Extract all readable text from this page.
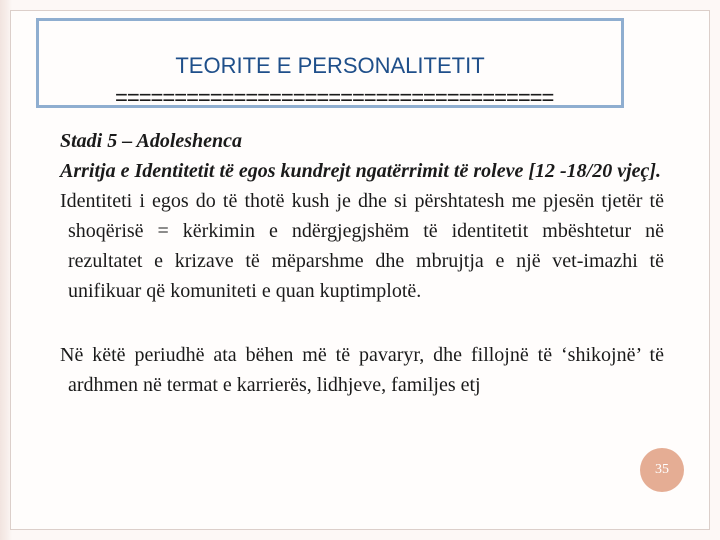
TEORITE E PERSONALITETIT
=====================================

Stadi 5 – Adoleshenca

Arritja e Identitetit të egos kundrejt ngatërrimit të roleve [12 -18/20 vjeç].

Identiteti i egos do të thotë kush je dhe si përshtatesh me pjesën tjetër të shoqërisë = kërkimin e ndërgjegjshëm të identitetit mbështetur në rezultatet e krizave të mëparshme dhe mbrujtja e një vet-imazhi të unifikuar që komuniteti e quan kuptimplotë.

Në këtë periudhë ata bëhen më të pavaryr, dhe fillojnë të ‘shikojnë’ të ardhmen në termat e karrierës, lidhjeve, familjes etj

35
